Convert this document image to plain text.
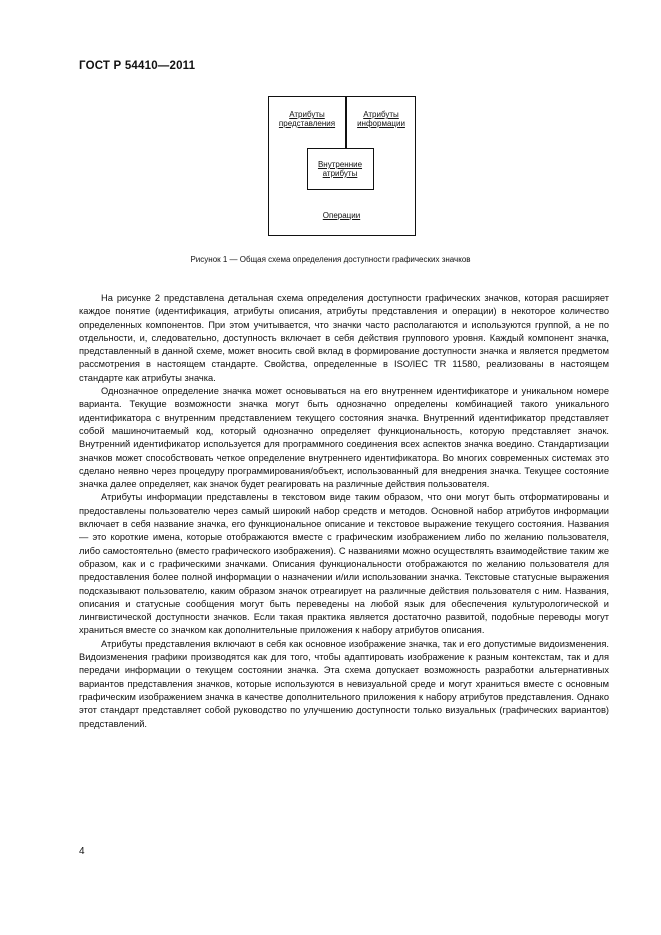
ГОСТ Р 54410—2011
Атрибуты
представления
Атрибуты
информации
Внутренние
атрибуты
Операции
Рисунок 1 — Общая схема определения доступности графических значков

На рисунке 2 представлена детальная схема определения доступности графических значков, которая расширяет каждое понятие (идентификация, атрибуты описания, атрибуты представления и операции) в некоторое количество определенных компонентов. При этом учитывается, что значки часто располагаются и используются группой, а не по отдельности, и, следовательно, доступность включает в себя действия группового уровня. Каждый компонент значка, представленный в данной схеме, может вносить свой вклад в формирование доступности значка и является предметом рассмотрения в настоящем стандарте. Свойства, определенные в ISO/IEC TR 11580, реализованы в настоящем стандарте как атрибуты значка.

Однозначное определение значка может основываться на его внутреннем идентификаторе и уникальном номере варианта. Текущие возможности значка могут быть однозначно определены комбинацией такого уникального идентификатора с внутренним представлением текущего состояния значка. Внутренний идентификатор представляет собой машиночитаемый код, который однозначно определяет функциональность, которую представляет значок. Внутренний идентификатор используется для программного соединения всех аспектов значка воедино. Стандартизации значков может способствовать четкое определение внутреннего идентификатора. Во многих современных системах это сделано неявно через процедуру программирования/объект, использованный для внедрения значка. Текущее состояние значка далее определяет, как значок будет реагировать на различные действия пользователя.

Атрибуты информации представлены в текстовом виде таким образом, что они могут быть отформатированы и предоставлены пользователю через самый широкий набор средств и методов. Основной набор атрибутов информации включает в себя название значка, его функциональное описание и текстовое выражение текущего состояния. Названия — это короткие имена, которые отображаются вместе с графическим изображением либо по желанию пользователя, либо самостоятельно (вместо графического изображения). С названиями можно осуществлять взаимодействие таким же образом, как и с графическими значками. Описания функциональности отображаются по желанию пользователя для предоставления более полной информации о назначении и/или использовании значка. Текстовые статусные выражения подсказывают пользователю, каким образом значок отреагирует на различные действия пользователя с ним. Названия, описания и статусные сообщения могут быть переведены на любой язык для обеспечения культурологической и лингвистической доступности значков. Если такая практика является достаточно развитой, подобные переводы могут храниться вместе со значком как дополнительные приложения к набору атрибутов описания.

Атрибуты представления включают в себя как основное изображение значка, так и его допустимые видоизменения. Видоизменения графики производятся как для того, чтобы адаптировать изображение к разным контекстам, так и для передачи информации о текущем состоянии значка. Эта схема допускает возможность разработки альтернативных вариантов представления значков, которые используются в невизуальной среде и могут храниться вместе с основным графическим изображением значка в качестве дополнительного приложения к набору атрибутов представления. Однако этот стандарт представляет собой руководство по улучшению доступности только визуальных (графических вариантов) представлений.

4
